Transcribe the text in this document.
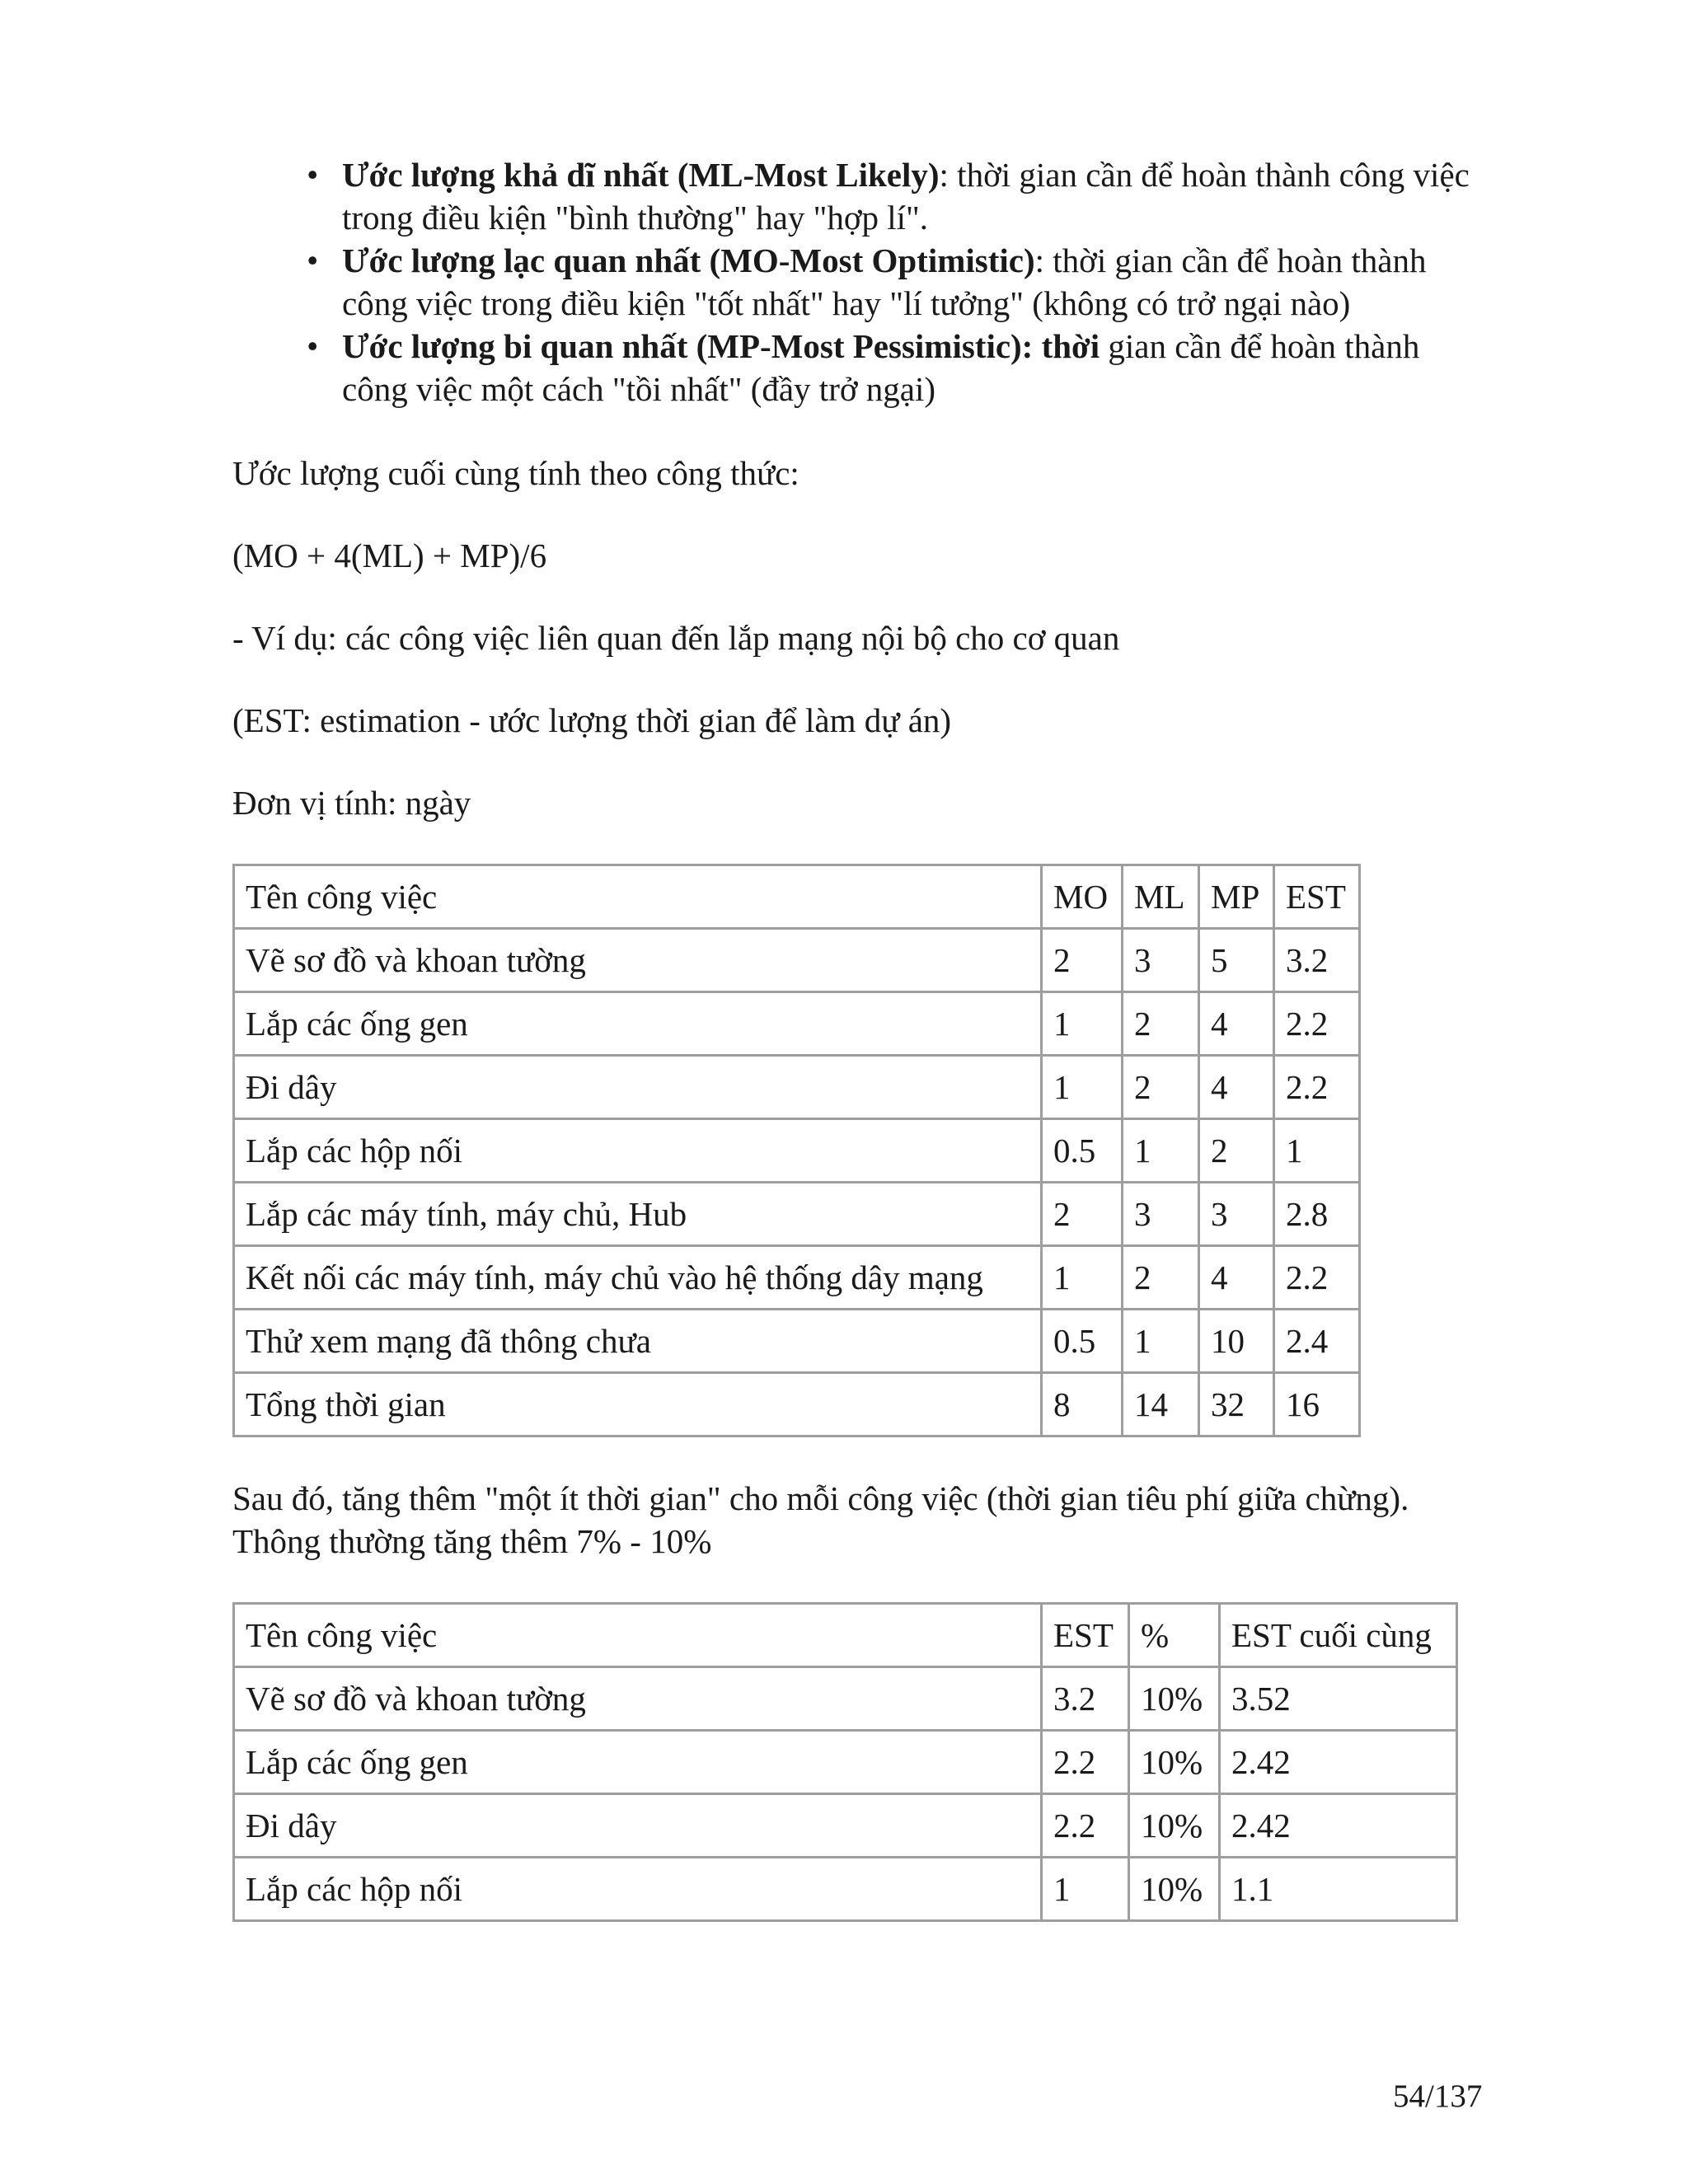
• Ước lượng khả dĩ nhất (ML-Most Likely): thời gian cần để hoàn thành công việc trong điều kiện "bình thường" hay "hợp lí".
• Ước lượng lạc quan nhất (MO-Most Optimistic): thời gian cần để hoàn thành công việc trong điều kiện "tốt nhất" hay "lí tưởng" (không có trở ngại nào)
• Ước lượng bi quan nhất (MP-Most Pessimistic): thời gian cần để hoàn thành công việc một cách "tồi nhất" (đầy trở ngại)

Ước lượng cuối cùng tính theo công thức:

(MO + 4(ML) + MP)/6

- Ví dụ: các công việc liên quan đến lắp mạng nội bộ cho cơ quan

(EST: estimation - ước lượng thời gian để làm dự án)

Đơn vị tính: ngày

Tên công việc	MO	ML	MP	EST
Vẽ sơ đồ và khoan tường	2	3	5	3.2
Lắp các ống gen	1	2	4	2.2
Đi dây	1	2	4	2.2
Lắp các hộp nối	0.5	1	2	1
Lắp các máy tính, máy chủ, Hub	2	3	3	2.8
Kết nối các máy tính, máy chủ vào hệ thống dây mạng	1	2	4	2.2
Thử xem mạng đã thông chưa	0.5	1	10	2.4
Tổng thời gian	8	14	32	16

Sau đó, tăng thêm "một ít thời gian" cho mỗi công việc (thời gian tiêu phí giữa chừng). Thông thường tăng thêm 7% - 10%

Tên công việc	EST	%	EST cuối cùng
Vẽ sơ đồ và khoan tường	3.2	10%	3.52
Lắp các ống gen	2.2	10%	2.42
Đi dây	2.2	10%	2.42
Lắp các hộp nối	1	10%	1.1
54/137
